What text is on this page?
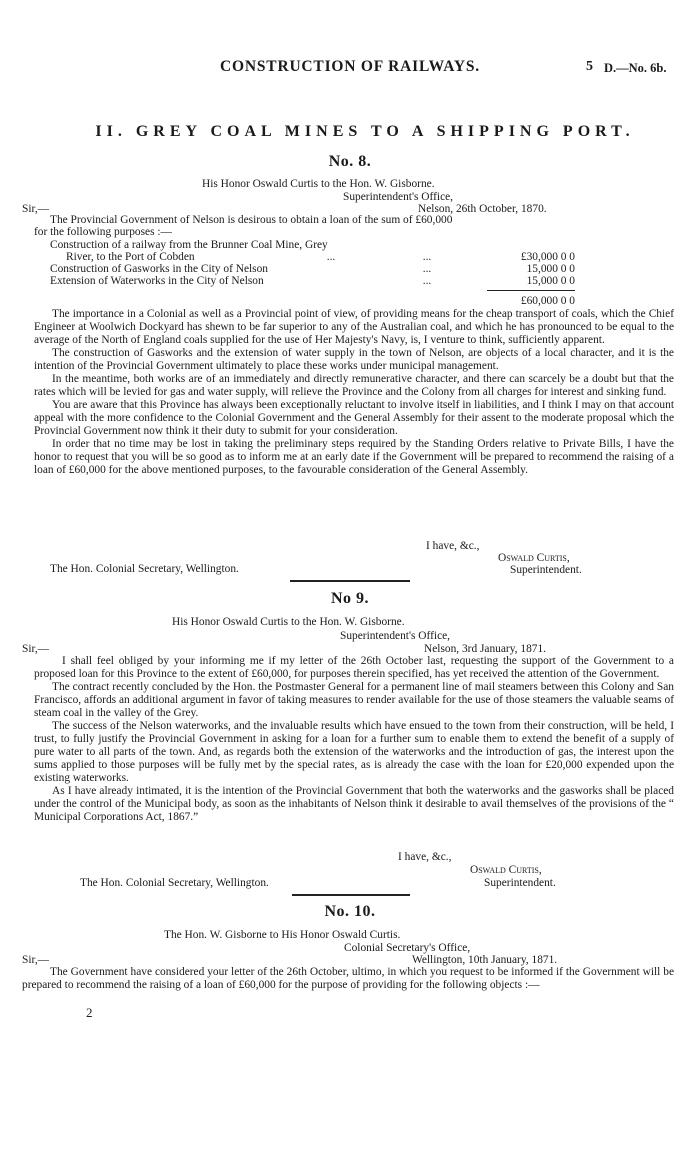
CONSTRUCTION OF RAILWAYS.	5 D.—No. 6b.
II. GREY COAL MINES TO A SHIPPING PORT.
No. 8.
His Honor Oswald Curtis to the Hon. W. Gisborne.
Superintendent's Office,
Sir,—	Nelson, 26th October, 1870.
The Provincial Government of Nelson is desirous to obtain a loan of the sum of £60,000
for the following purposes :—
Construction of a railway from the Brunner Coal Mine, Grey
River, to the Port of Cobden	...	...	£30,000 0 0
Construction of Gasworks in the City of Nelson	...	15,000 0 0
Extension of Waterworks in the City of Nelson	...	15,000 0 0
£60,000 0 0

The importance in a Colonial as well as a Provincial point of view, of providing means for the cheap transport of coals, which the Chief Engineer at Woolwich Dockyard has shewn to be far superior to any of the Australian coal, and which he has pronounced to be equal to the average of the North of England coals supplied for the use of Her Majesty's Navy, is, I venture to think, sufficiently apparent.

The construction of Gasworks and the extension of water supply in the town of Nelson, are objects of a local character, and it is the intention of the Provincial Government ultimately to place these works under municipal management.

In the meantime, both works are of an immediately and directly remunerative character, and there can scarcely be a doubt but that the rates which will be levied for gas and water supply, will relieve the Province and the Colony from all charges for interest and sinking fund.

You are aware that this Province has always been exceptionally reluctant to involve itself in liabilities, and I think I may on that account appeal with the more confidence to the Colonial Government and the General Assembly for their assent to the moderate proposal which the Provincial Government now think it their duty to submit for your consideration.

In order that no time may be lost in taking the preliminary steps required by the Standing Orders relative to Private Bills, I have the honor to request that you will be so good as to inform me at an early date if the Government will be prepared to recommend the raising of a loan of £60,000 for the above mentioned purposes, to the favourable consideration of the General Assembly.

I have, &c.,
Oswald Curtis,
The Hon. Colonial Secretary, Wellington.	Superintendent.
No 9.
His Honor Oswald Curtis to the Hon. W. Gisborne.
Superintendent's Office,
Sir,—	Nelson, 3rd January, 1871.

I shall feel obliged by your informing me if my letter of the 26th October last, requesting the support of the Government to a proposed loan for this Province to the extent of £60,000, for purposes therein specified, has yet received the attention of the Government.

The contract recently concluded by the Hon. the Postmaster General for a permanent line of mail steamers between this Colony and San Francisco, affords an additional argument in favor of taking measures to render available for the use of those steamers the valuable seams of steam coal in the valley of the Grey.

The success of the Nelson waterworks, and the invaluable results which have ensued to the town from their construction, will be held, I trust, to fully justify the Provincial Government in asking for a loan for a further sum to enable them to extend the benefit of a supply of pure water to all parts of the town. And, as regards both the extension of the waterworks and the introduction of gas, the interest upon the sums applied to those purposes will be fully met by the special rates, as is already the case with the loan for £20,000 expended upon the existing waterworks.

As I have already intimated, it is the intention of the Provincial Government that both the waterworks and the gasworks shall be placed under the control of the Municipal body, as soon as the inhabitants of Nelson think it desirable to avail themselves of the provisions of the “ Municipal Corporations Act, 1867.”

I have, &c.,
Oswald Curtis,
The Hon. Colonial Secretary, Wellington.	Superintendent.
No. 10.
The Hon. W. Gisborne to His Honor Oswald Curtis.
Colonial Secretary's Office,
Sir,—	Wellington, 10th January, 1871.

The Government have considered your letter of the 26th October, ultimo, in which you request to be informed if the Government will be prepared to recommend the raising of a loan of £60,000 for the purpose of providing for the following objects :—

2
